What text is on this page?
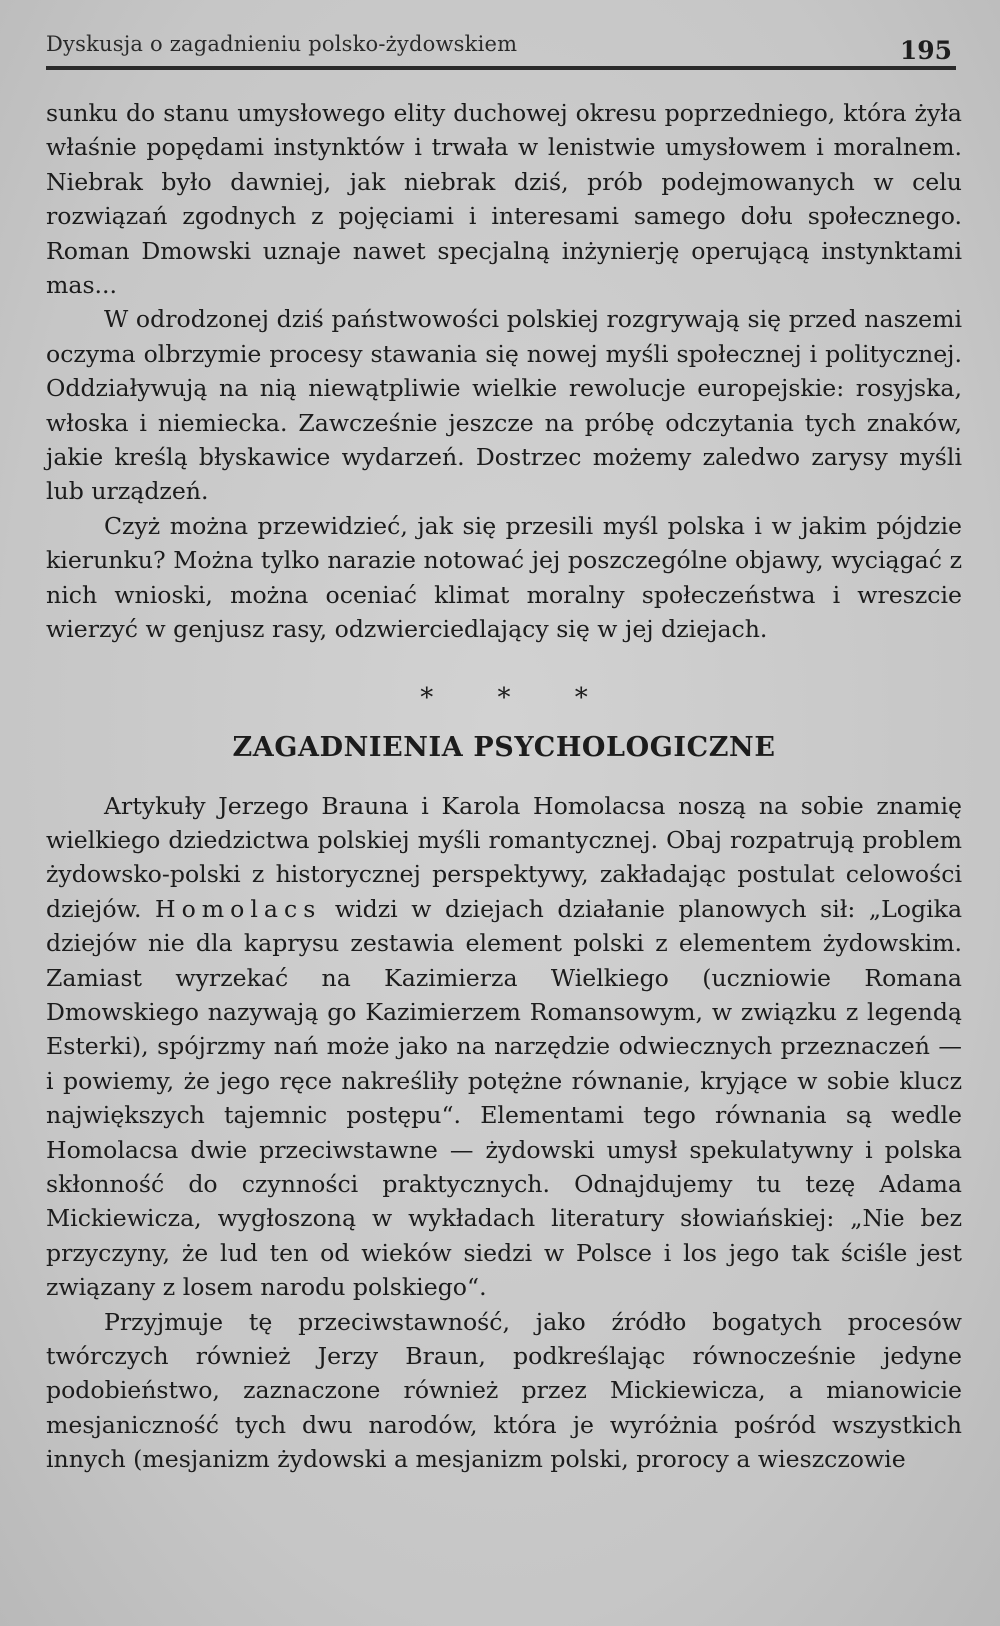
Dyskusja o zagadnieniu polsko-żydowskiem	195

sunku do stanu umysłowego elity duchowej okresu poprzedniego, która żyła właśnie popędami instynktów i trwała w lenistwie umysłowem i moralnem. Niebrak było dawniej, jak niebrak dziś, prób podejmowanych w celu rozwiązań zgodnych z pojęciami i interesami samego dołu społecznego. Roman Dmowski uznaje nawet specjalną inżynierję operującą instynktami mas...

W odrodzonej dziś państwowości polskiej rozgrywają się przed naszemi oczyma olbrzymie procesy stawania się nowej myśli społecznej i politycznej. Oddziaływują na nią niewątpliwie wielkie rewolucje europejskie: rosyjska, włoska i niemiecka. Zawcześnie jeszcze na próbę odczytania tych znaków, jakie kreślą błyskawice wydarzeń. Dostrzec możemy zaledwo zarysy myśli lub urządzeń.

Czyż można przewidzieć, jak się przesili myśl polska i w jakim pójdzie kierunku? Można tylko narazie notować jej poszczególne objawy, wyciągać z nich wnioski, można oceniać klimat moralny społeczeństwa i wreszcie wierzyć w genjusz rasy, odzwierciedlający się w jej dziejach.

* * *
ZAGADNIENIA PSYCHOLOGICZNE

Artykuły Jerzego Brauna i Karola Homolacsa noszą na sobie znamię wielkiego dziedzictwa polskiej myśli romantycznej. Obaj rozpatrują problem żydowsko-polski z historycznej perspektywy, zakładając postulat celowości dziejów. Homolacs widzi w dziejach działanie planowych sił: „Logika dziejów nie dla kaprysu zestawia element polski z elementem żydowskim. Zamiast wyrzekać na Kazimierza Wielkiego (uczniowie Romana Dmowskiego nazywają go Kazimierzem Romansowym, w związku z legendą Esterki), spójrzmy nań może jako na narzędzie odwiecznych przeznaczeń — i powiemy, że jego ręce nakreśliły potężne równanie, kryjące w sobie klucz największych tajemnic postępu“. Elementami tego równania są wedle Homolacsa dwie przeciwstawne — żydowski umysł spekulatywny i polska skłonność do czynności praktycznych. Odnajdujemy tu tezę Adama Mickiewicza, wygłoszoną w wykładach literatury słowiańskiej: „Nie bez przyczyny, że lud ten od wieków siedzi w Polsce i los jego tak ściśle jest związany z losem narodu polskiego“.

Przyjmuje tę przeciwstawność, jako źródło bogatych procesów twórczych również Jerzy Braun, podkreślając równocześnie jedyne podobieństwo, zaznaczone również przez Mickiewicza, a mianowicie mesjaniczność tych dwu narodów, która je wyróżnia pośród wszystkich innych (mesjanizm żydowski a mesjanizm polski, prorocy a wieszczowie
